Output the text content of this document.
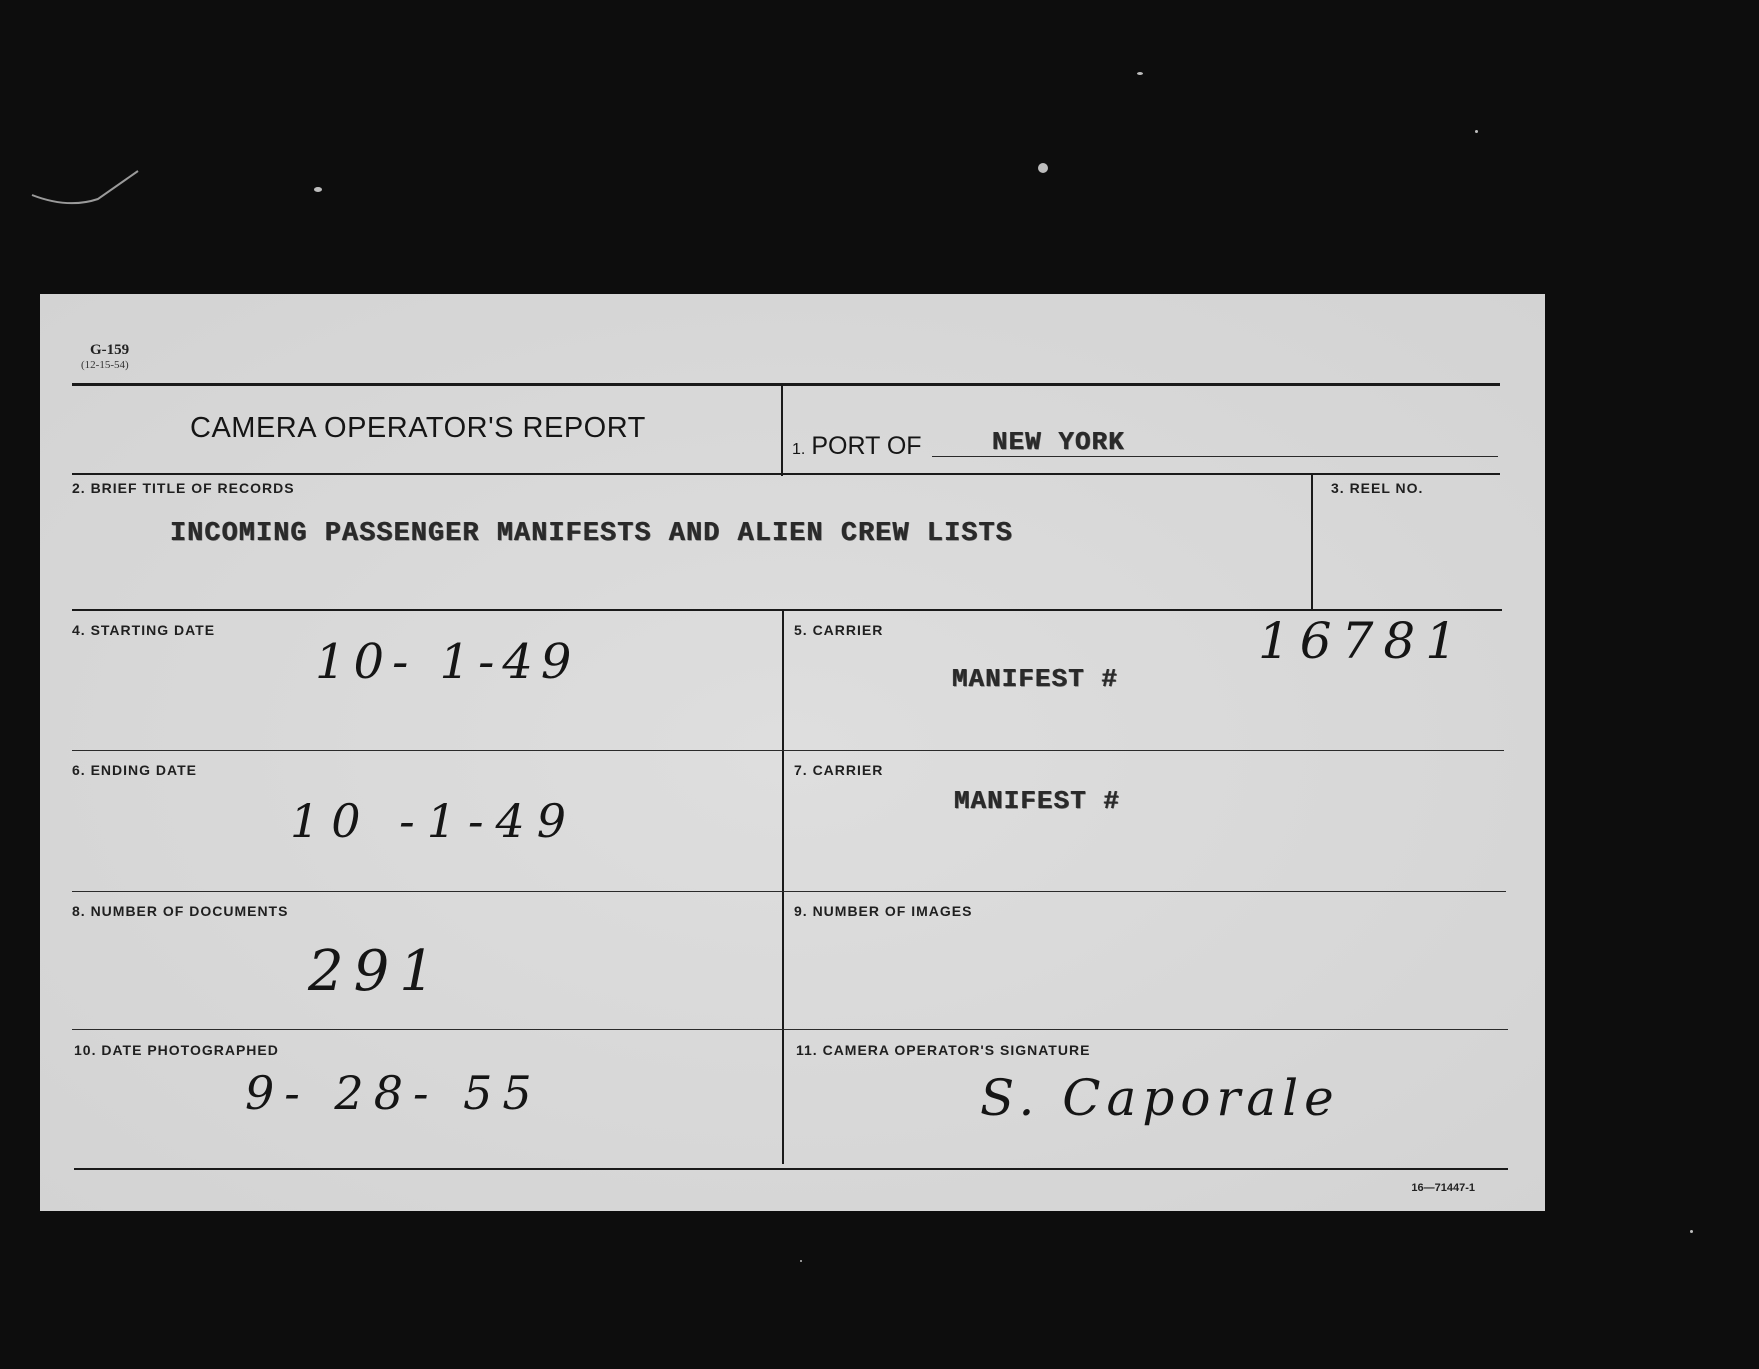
G-159
(12-15-54)
CAMERA OPERATOR'S REPORT
1. PORT OF	NEW YORK
2. BRIEF TITLE OF RECORDS
INCOMING PASSENGER MANIFESTS AND ALIEN CREW LISTS
3. REEL NO.
4. STARTING DATE
10- 1-49
5. CARRIER
MANIFEST #
16781
6. ENDING DATE
10 -1-49
7. CARRIER
MANIFEST #
8. NUMBER OF DOCUMENTS
291
9. NUMBER OF IMAGES
10. DATE PHOTOGRAPHED
9- 28- 55
11. CAMERA OPERATOR'S SIGNATURE
S. Caporale
16—71447-1
